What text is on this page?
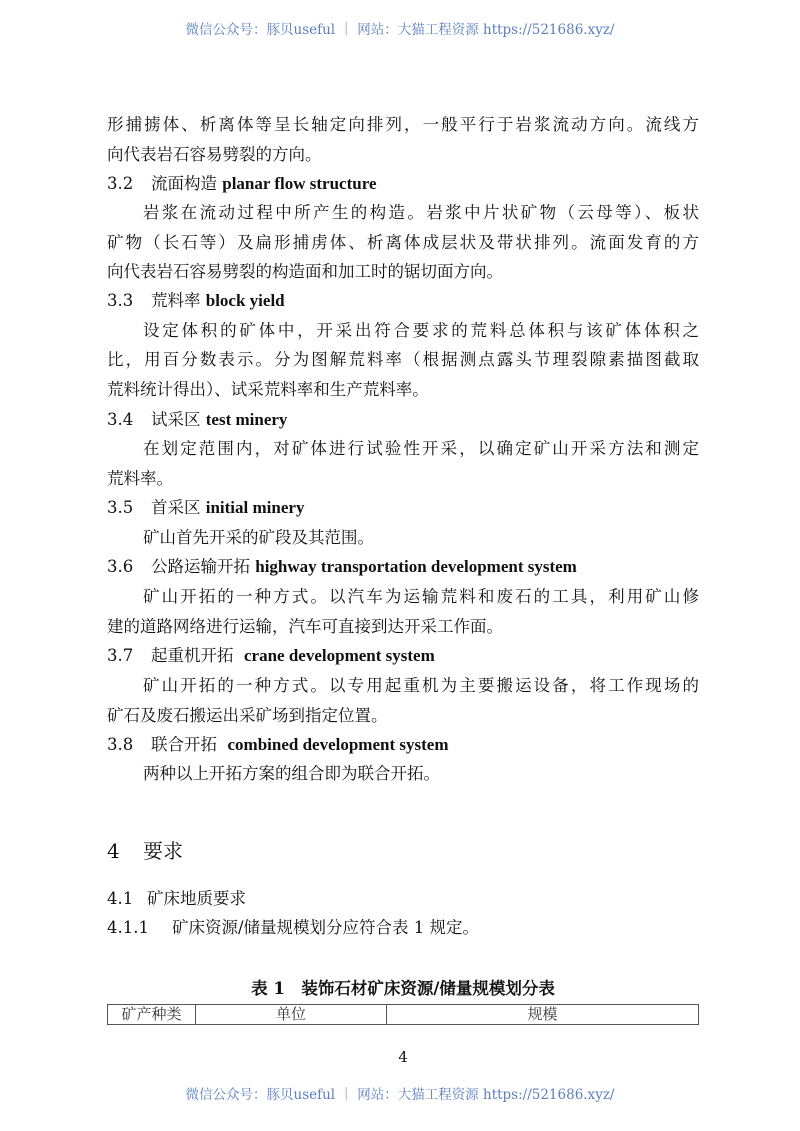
微信公众号：豚贝useful ｜ 网站：大猫工程资源 https://521686.xyz/
形捕掳体、析离体等呈长轴定向排列，一般平行于岩浆流动方向。流线方
向代表岩石容易劈裂的方向。
3.2 流面构造 planar flow structure
岩浆在流动过程中所产生的构造。岩浆中片状矿物（云母等）、板状
矿物（长石等）及扁形捕虏体、析离体成层状及带状排列。流面发育的方
向代表岩石容易劈裂的构造面和加工时的锯切面方向。
3.3 荒料率 block yield
设定体积的矿体中，开采出符合要求的荒料总体积与该矿体体积之
比，用百分数表示。分为图解荒料率（根据测点露头节理裂隙素描图截取
荒料统计得出）、试采荒料率和生产荒料率。
3.4 试采区 test minery
在划定范围内，对矿体进行试验性开采，以确定矿山开采方法和测定
荒料率。
3.5 首采区 initial minery
矿山首先开采的矿段及其范围。
3.6 公路运输开拓 highway transportation development system
矿山开拓的一种方式。以汽车为运输荒料和废石的工具，利用矿山修
建的道路网络进行运输，汽车可直接到达开采工作面。
3.7 起重机开拓 crane development system
矿山开拓的一种方式。以专用起重机为主要搬运设备，将工作现场的
矿石及废石搬运出采矿场到指定位置。
3.8 联合开拓 combined development system
两种以上开拓方案的组合即为联合开拓。
4 要求
4.1 矿床地质要求
4.1.1 矿床资源/储量规模划分应符合表 1 规定。
表 1　装饰石材矿床资源/储量规模划分表
矿产种类	单位	规模
4
微信公众号：豚贝useful ｜ 网站：大猫工程资源 https://521686.xyz/
